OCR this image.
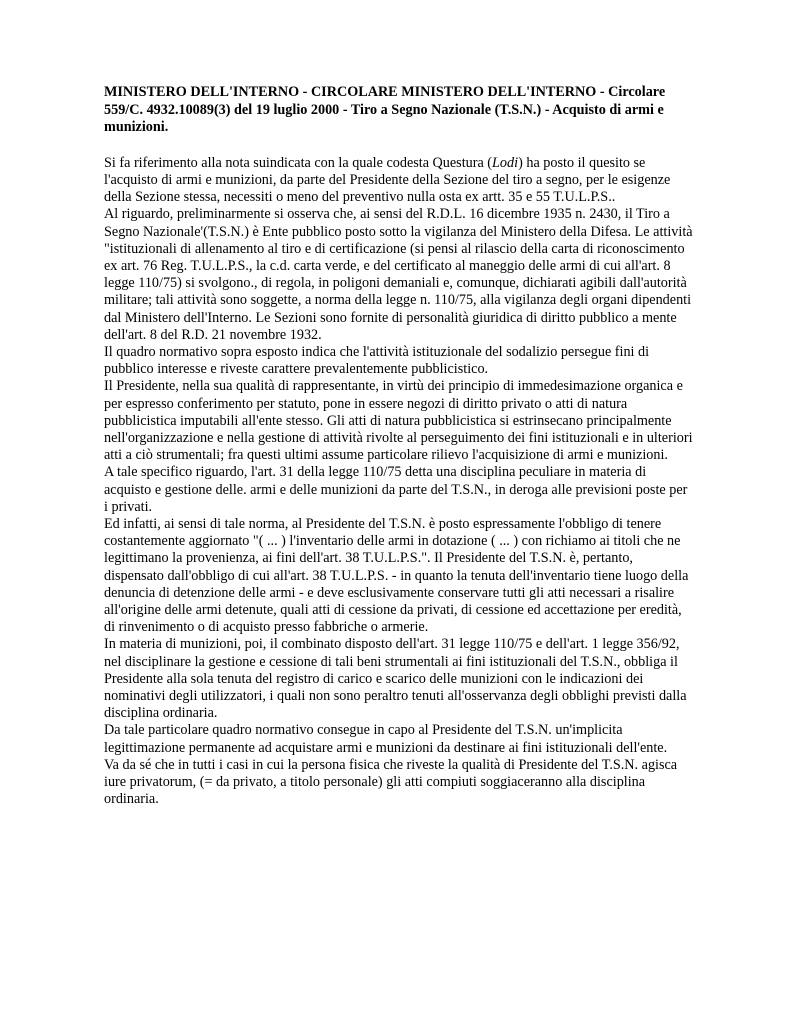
MINISTERO DELL'INTERNO - CIRCOLARE MINISTERO DELL'INTERNO - Circolare 559/C. 4932.10089(3) del 19 luglio 2000 - Tiro a Segno Nazionale (T.S.N.) - Acquisto di armi e munizioni.

Si fa riferimento alla nota suindicata con la quale codesta Questura (Lodi) ha posto il quesito se l'acquisto di armi e munizioni, da parte del Presidente della Sezione del tiro a segno, per le esigenze della Sezione stessa, necessiti o meno del preventivo nulla osta ex artt. 35 e 55 T.U.L.P.S..

Al riguardo, preliminarmente si osserva che, ai sensi del R.D.L. 16 dicembre 1935 n. 2430, il Tiro a Segno Nazionale'(T.S.N.) è Ente pubblico posto sotto la vigilanza del Ministero della Difesa. Le attività "istituzionali di allenamento al tiro e di certificazione (si pensi al rilascio della carta di riconoscimento ex art. 76 Reg. T.U.L.P.S., la c.d. carta verde, e del certificato al maneggio delle armi di cui all'art. 8 legge 110/75) si svolgono., di regola, in poligoni demaniali e, comunque, dichiarati agibili dall'autorità militare; tali attività sono soggette, a norma della legge n. 110/75, alla vigilanza degli organi dipendenti dal Ministero dell'Interno. Le Sezioni sono fornite di personalità giuridica di diritto pubblico a mente dell'art. 8 del R.D. 21 novembre 1932.

Il quadro normativo sopra esposto indica che l'attività istituzionale del sodalizio persegue fini di pubblico interesse e riveste carattere prevalentemente pubblicistico.

Il Presidente, nella sua qualità di rappresentante, in virtù dei principio di immedesimazione organica e per espresso conferimento per statuto, pone in essere negozi di diritto privato o atti di natura pubblicistica imputabili all'ente stesso. Gli atti di natura pubblicistica si estrinsecano principalmente nell'organizzazione e nella gestione di attività rivolte al perseguimento dei fini istituzionali e in ulteriori atti a ciò strumentali; fra questi ultimi assume particolare rilievo l'acquisizione di armi e munizioni.

A tale specifico riguardo, l'art. 31 della legge 110/75 detta una disciplina peculiare in materia di acquisto e gestione delle. armi e delle munizioni da parte del T.S.N., in deroga alle previsioni poste per i privati.

Ed infatti, ai sensi di tale norma, al Presidente del T.S.N. è posto espressamente l'obbligo di tenere costantemente aggiornato "( ... ) l'inventario delle armi in dotazione ( ... ) con richiamo ai titoli che ne legittimano la provenienza, ai fini dell'art. 38 T.U.L.P.S.". Il Presidente del T.S.N. è, pertanto, dispensato dall'obbligo di cui all'art. 38 T.U.L.P.S. - in quanto la tenuta dell'inventario tiene luogo della denuncia di detenzione delle armi - e deve esclusivamente conservare tutti gli atti necessari a risalire all'origine delle armi detenute, quali atti di cessione da privati, di cessione ed accettazione per eredità, di rinvenimento o di acquisto presso fabbriche o armerie.

In materia di munizioni, poi, il combinato disposto dell'art. 31 legge 110/75 e dell'art. 1 legge 356/92, nel disciplinare la gestione e cessione di tali beni strumentali ai fini istituzionali del T.S.N., obbliga il Presidente alla sola tenuta del registro di carico e scarico delle munizioni con le indicazioni dei nominativi degli utilizzatori, i quali non sono peraltro tenuti all'osservanza degli obblighi previsti dalla disciplina ordinaria.

Da tale particolare quadro normativo consegue in capo al Presidente del T.S.N. un'implicita legittimazione permanente ad acquistare armi e munizioni da destinare ai fini istituzionali dell'ente.

Va da sé che in tutti i casi in cui la persona fisica che riveste la qualità di Presidente del T.S.N. agisca iure privatorum, (= da privato, a titolo personale) gli atti compiuti soggiaceranno alla disciplina ordinaria.
